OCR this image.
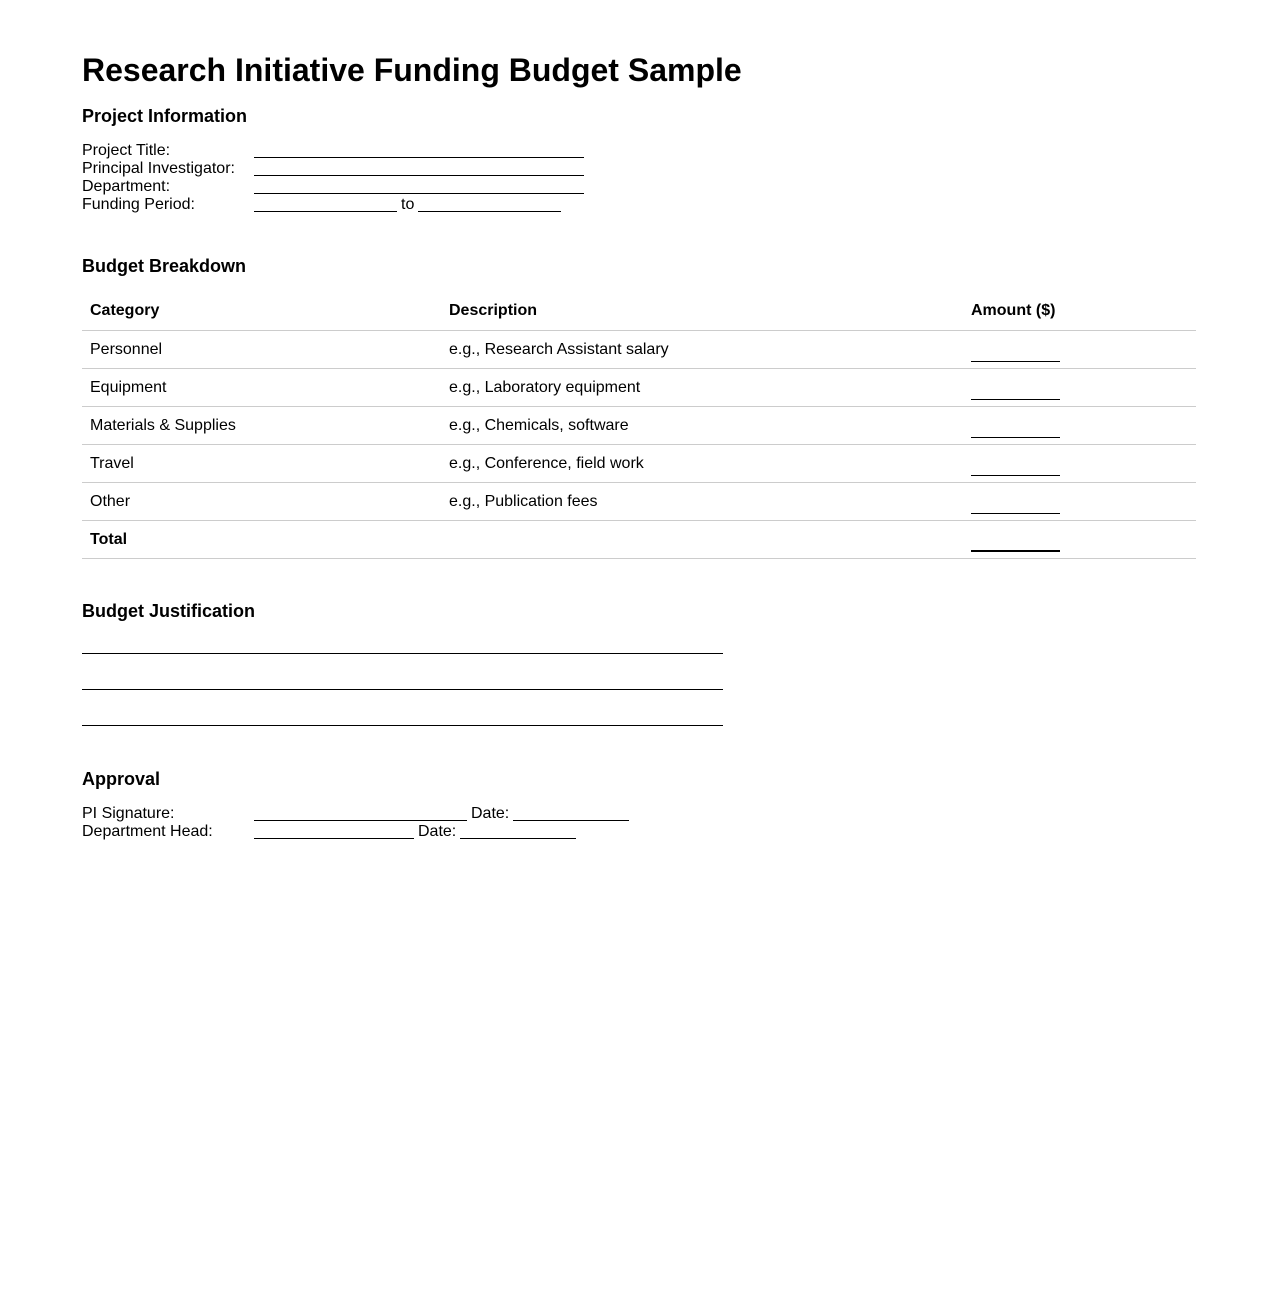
Research Initiative Funding Budget Sample
Project Information
Project Title:
Principal Investigator:
Department:
Funding Period:	to
Budget Breakdown
Category	Description	Amount ($)
Personnel	e.g., Research Assistant salary	
Equipment	e.g., Laboratory equipment	
Materials & Supplies	e.g., Chemicals, software	
Travel	e.g., Conference, field work	
Other	e.g., Publication fees	
Total		
Budget Justification
Approval
PI Signature:	Date:
Department Head:	Date:
